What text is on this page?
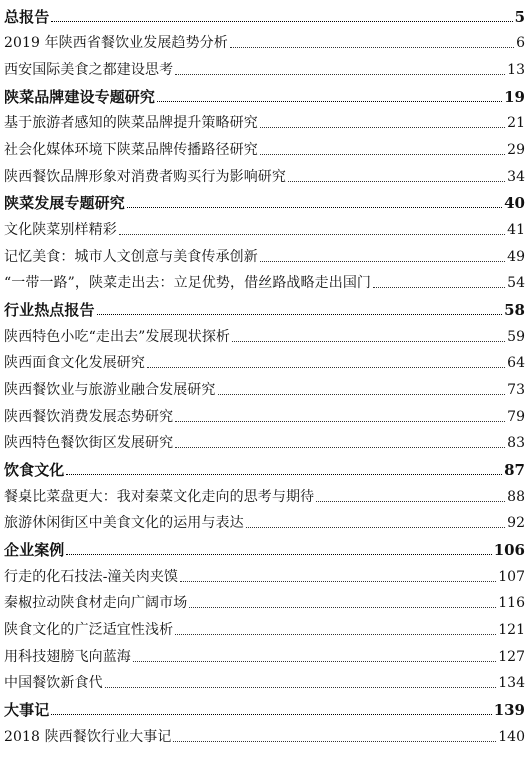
总报告	5
2019 年陕西省餐饮业发展趋势分析	6
西安国际美食之都建设思考	13
陕菜品牌建设专题研究	19
基于旅游者感知的陕菜品牌提升策略研究	21
社会化媒体环境下陕菜品牌传播路径研究	29
陕西餐饮品牌形象对消费者购买行为影响研究	34
陕菜发展专题研究	40
文化陕菜别样精彩	41
记忆美食：城市人文创意与美食传承创新	49
“一带一路”，陕菜走出去：立足优势，借丝路战略走出国门	54
行业热点报告	58
陕西特色小吃“走出去”发展现状探析	59
陕西面食文化发展研究	64
陕西餐饮业与旅游业融合发展研究	73
陕西餐饮消费发展态势研究	79
陕西特色餐饮街区发展研究	83
饮食文化	87
餐桌比菜盘更大：我对秦菜文化走向的思考与期待	88
旅游休闲街区中美食文化的运用与表达	92
企业案例	106
行走的化石技法-潼关肉夹馍	107
秦椒拉动陕食材走向广阔市场	116
陕食文化的广泛适宜性浅析	121
用科技翅膀飞向蓝海	127
中国餐饮新食代	134
大事记	139
2018 陕西餐饮行业大事记	140
